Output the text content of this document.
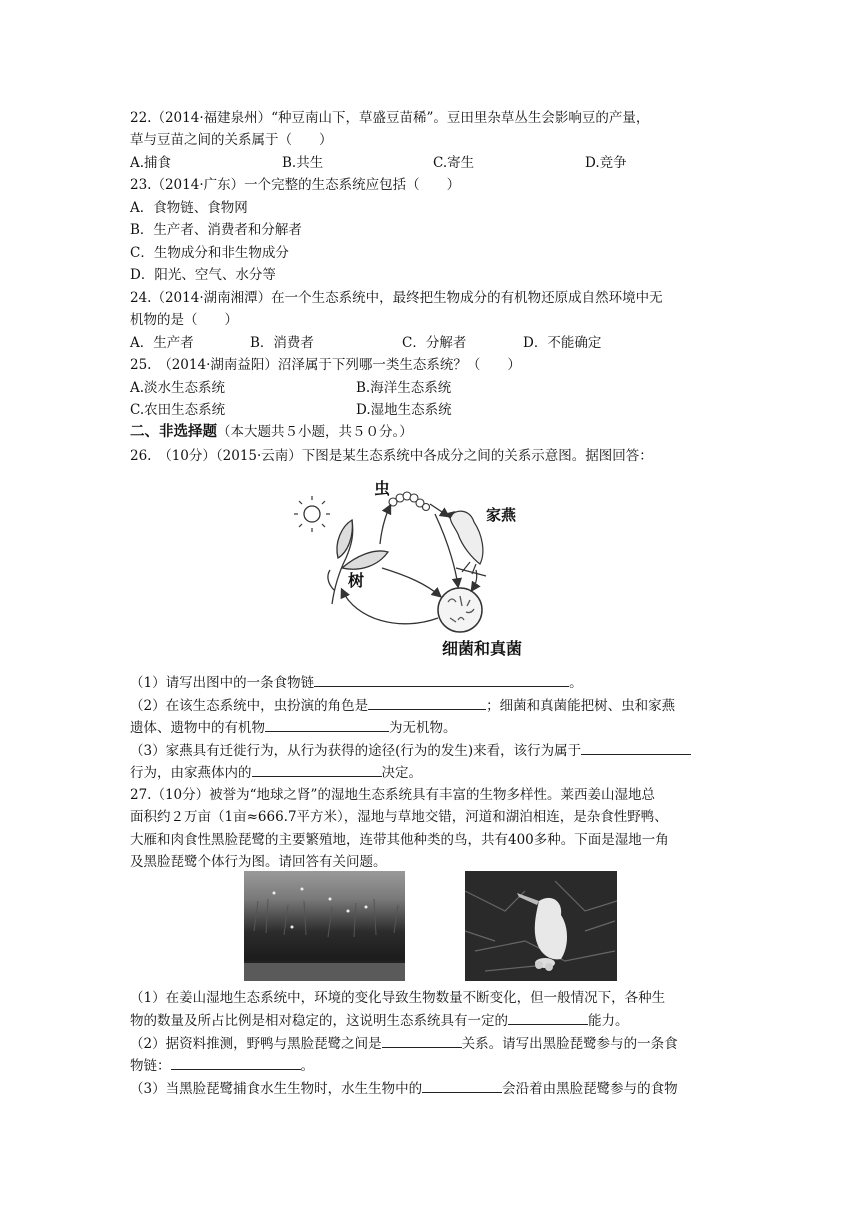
22.（2014·福建泉州）“种豆南山下，草盛豆苗稀”。豆田里杂草丛生会影响豆的产量，
草与豆苗之间的关系属于（　　）
A.捕食	B.共生	C.寄生	D.竞争
23.（2014·广东）一个完整的生态系统应包括（　　）
A．食物链、食物网
B．生产者、消费者和分解者
C．生物成分和非生物成分
D．阳光、空气、水分等
24.（2014·湖南湘潭）在一个生态系统中，最终把生物成分的有机物还原成自然环境中无
机物的是（　　）
A．生产者	B．消费者	C．分解者	D．不能确定
25.　（2014·湖南益阳）沼泽属于下列哪一类生态系统？（　　）
A.淡水生态系统	B.海洋生态系统
C.农田生态系统	D.湿地生态系统
二、非选择题（本大题共５小题，共５０分。）
26.　（10分）（2015·云南）下图是某生态系统中各成分之间的关系示意图。据图回答：
虫
家燕
树
细菌和真菌
（1）请写出图中的一条食物链	。
（2）在该生态系统中，虫扮演的角色是	；细菌和真菌能把树、虫和家燕
遗体、遗物中的有机物	为无机物。
（3）家燕具有迁徙行为，从行为获得的途径(行为的发生)来看，该行为属于
行为，由家燕体内的	决定。
27.（10分）被誉为“地球之肾”的湿地生态系统具有丰富的生物多样性。莱西姜山湿地总
面积约２万亩（1亩≈666.7平方米），湿地与草地交错，河道和湖泊相连，是杂食性野鸭、
大雁和肉食性黑脸琵鹭的主要繁殖地，连带其他种类的鸟，共有400多种。下面是湿地一角
及黑脸琵鹭个体行为图。请回答有关问题。
（1）在姜山湿地生态系统中，环境的变化导致生物数量不断变化，但一般情况下，各种生
物的数量及所占比例是相对稳定的，这说明生态系统具有一定的	能力。
（2）据资料推测，野鸭与黑脸琵鹭之间是	关系。请写出黑脸琵鹭参与的一条食
物链：	。
（3）当黑脸琵鹭捕食水生生物时，水生生物中的	会沿着由黑脸琵鹭参与的食物
